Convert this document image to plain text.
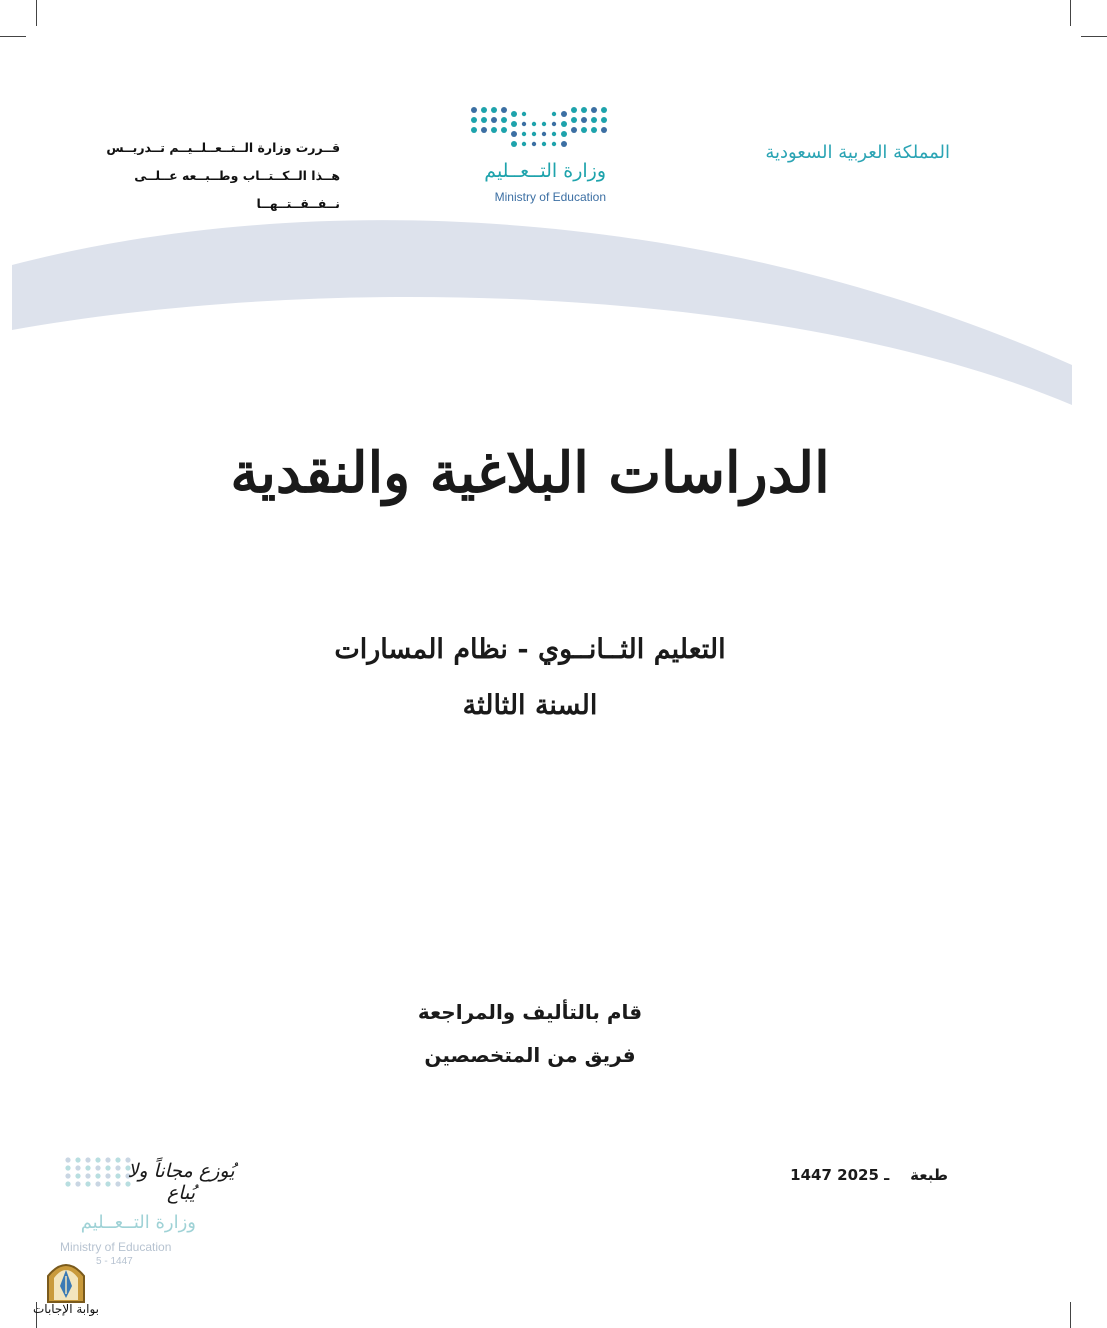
قــررت وزارة الــتــعــلــيــم تــدريــس
هــذا الــكــتــاب وطــبــعه عــلــى نــفــقــتــهــا
المملكة العربية السعودية
وزارة التــعــليم
Ministry of Education
الدراسات البلاغية والنقدية
التعليم الثــانــوي - نظام المسارات
السنة الثالثة
قام بالتأليف والمراجعة
فريق من المتخصصين
طبعة    1447 ـ 2025
يُوزع مجاناً ولا يُباع
وزارة التــعــليم
Ministry of Education
5 - 1447
بوابة الإجابات
